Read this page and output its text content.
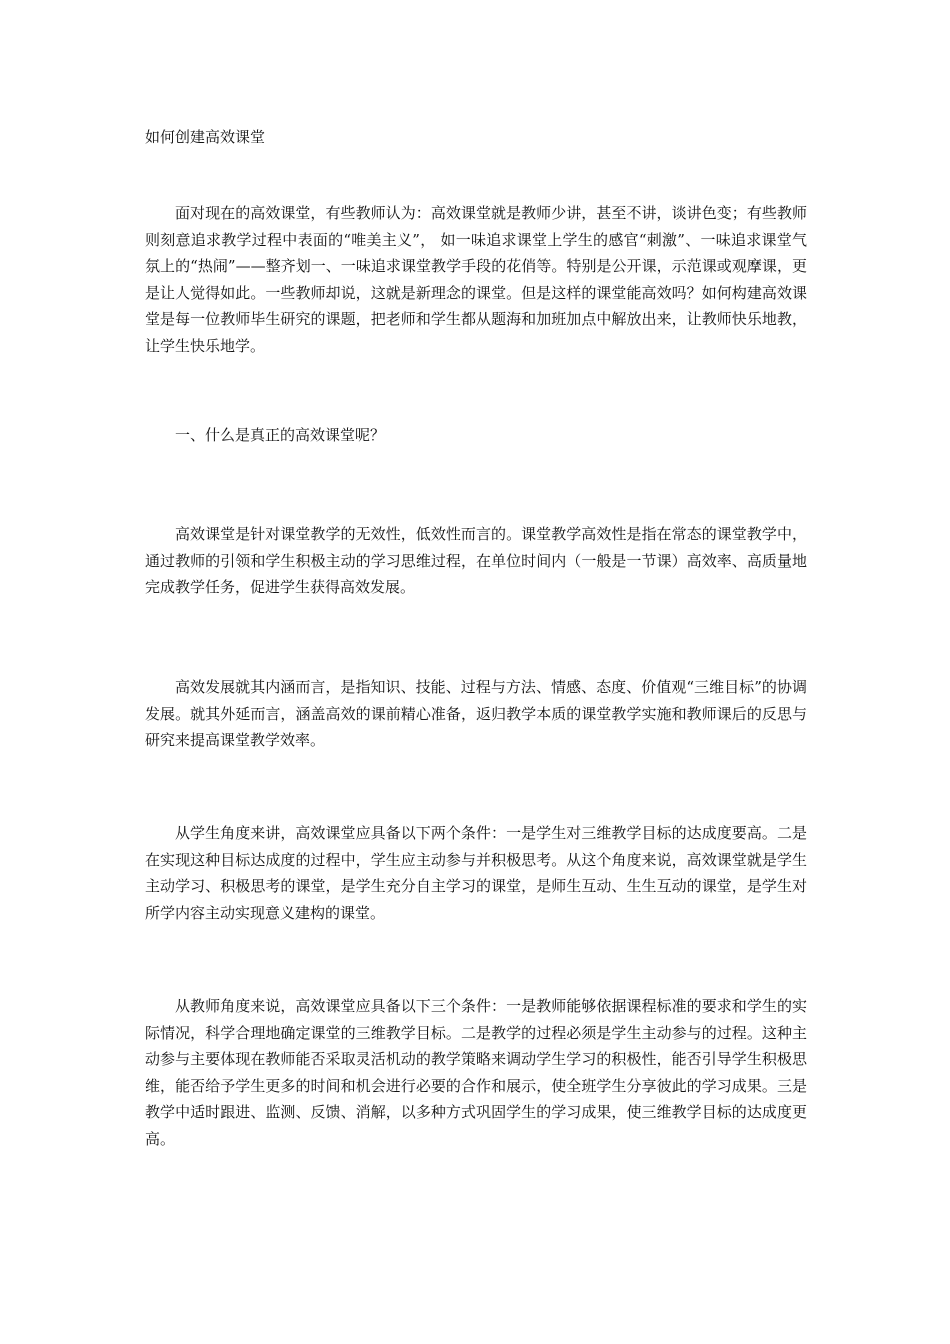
如何创建高效课堂

面对现在的高效课堂，有些教师认为：高效课堂就是教师少讲，甚至不讲，谈讲色变；有些教师则刻意追求教学过程中表面的“唯美主义”， 如一味追求课堂上学生的感官“刺激”、一味追求课堂气氛上的“热闹”——整齐划一、一味追求课堂教学手段的花俏等。特别是公开课，示范课或观摩课，更是让人觉得如此。一些教师却说，这就是新理念的课堂。但是这样的课堂能高效吗？如何构建高效课堂是每一位教师毕生研究的课题，把老师和学生都从题海和加班加点中解放出来，让教师快乐地教，让学生快乐地学。

一、什么是真正的高效课堂呢？

高效课堂是针对课堂教学的无效性，低效性而言的。课堂教学高效性是指在常态的课堂教学中，通过教师的引领和学生积极主动的学习思维过程，在单位时间内（一般是一节课）高效率、高质量地完成教学任务，促进学生获得高效发展。

高效发展就其内涵而言，是指知识、技能、过程与方法、情感、态度、价值观“三维目标”的协调发展。就其外延而言，涵盖高效的课前精心准备，返归教学本质的课堂教学实施和教师课后的反思与研究来提高课堂教学效率。

从学生角度来讲，高效课堂应具备以下两个条件：一是学生对三维教学目标的达成度要高。二是在实现这种目标达成度的过程中，学生应主动参与并积极思考。从这个角度来说，高效课堂就是学生主动学习、积极思考的课堂，是学生充分自主学习的课堂，是师生互动、生生互动的课堂，是学生对所学内容主动实现意义建构的课堂。

从教师角度来说，高效课堂应具备以下三个条件：一是教师能够依据课程标准的要求和学生的实际情况，科学合理地确定课堂的三维教学目标。二是教学的过程必须是学生主动参与的过程。这种主动参与主要体现在教师能否采取灵活机动的教学策略来调动学生学习的积极性，能否引导学生积极思维，能否给予学生更多的时间和机会进行必要的合作和展示，使全班学生分享彼此的学习成果。三是教学中适时跟进、监测、反馈、消解，以多种方式巩固学生的学习成果，使三维教学目标的达成度更高。
